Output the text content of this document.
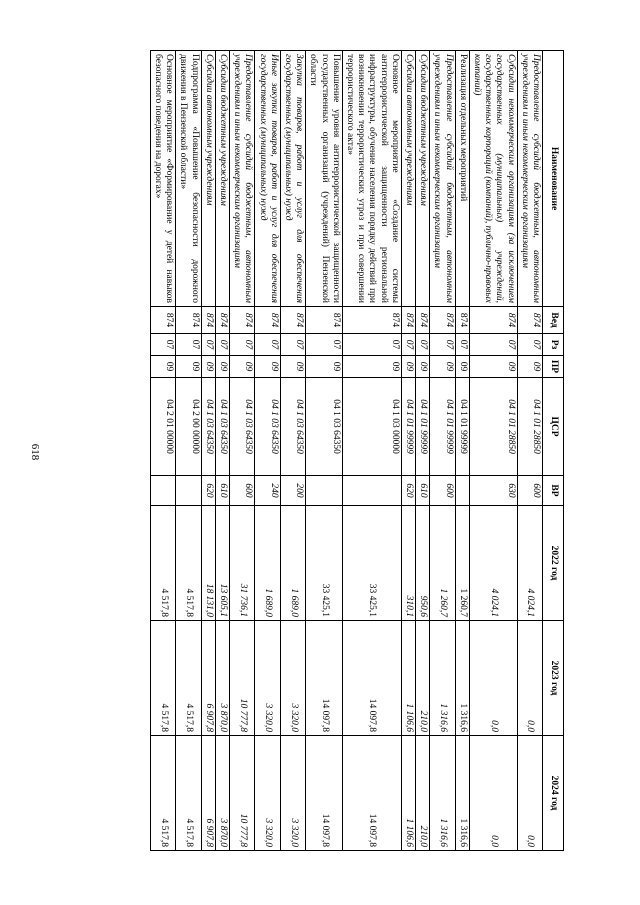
618
Наименование	Вед	Рз	ПР	ЦСР	ВР	2022 год	2023 год	2024 год
Предоставление субсидий бюджетным, автономным учреждениям и иным некоммерческим организациям	874	07	09	04 1 01 28850	600	4 024,1	0,0	0,0
Субсидии некоммерческим организациям (за исключением государственных (муниципальных) учреждений, государственных корпораций (компаний), публично-правовых компаний)	874	07	09	04 1 01 28850	630	4 024,1	0,0	0,0
Реализация отдельных мероприятий	874	07	09	04 1 01 99999		1 260,7	1 316,6	1 316,6
Предоставление субсидий бюджетным, автономным учреждениям и иным некоммерческим организациям	874	07	09	04 1 01 99999	600	1 260,7	1 316,6	1 316,6
Субсидии бюджетным учреждениям	874	07	09	04 1 01 99999	610	950,6	210,0	210,0
Субсидии автономным учреждениям	874	07	09	04 1 01 99999	620	310,1	1 106,6	1 106,6
Основное мероприятие «Создание системы антитеррористической защищенности региональной инфраструктуры, обучение населения порядку действий при возникновении террористических угроз и при совершении террористического акта»	874	07	09	04 1 03 00000		33 425,1	14 097,8	14 097,8
Повышение уровня антитеррористической защищенности государственных организаций (учреждений) Пензенской области	874	07	09	04 1 03 64350		33 425,1	14 097,8	14 097,8
Закупка товаров, работ и услуг для обеспечения государственных (муниципальных) нужд	874	07	09	04 1 03 64350	200	1 689,0	3 320,0	3 320,0
Иные закупки товаров, работ и услуг для обеспечения государственных (муниципальных) нужд	874	07	09	04 1 03 64350	240	1 689,0	3 320,0	3 320,0
Предоставление субсидий бюджетным, автономным учреждениям и иным некоммерческим организациям	874	07	09	04 1 03 64350	600	31 736,1	10 777,8	10 777,8
Субсидии бюджетным учреждениям	874	07	09	04 1 03 64350	610	13 605,1	3 870,0	3 870,0
Субсидии автономным учреждениям	874	07	09	04 1 03 64350	620	18 131,0	6 907,8	6 907,8
Подпрограмма «Повышение безопасности дорожного движения в Пензенской области»	874	07	09	04 2 00 00000		4 517,8	4 517,8	4 517,8
Основное мероприятие «Формирование у детей навыков безопасного поведения на дорогах»	874	07	09	04 2 01 00000		4 517,8	4 517,8	4 517,8
